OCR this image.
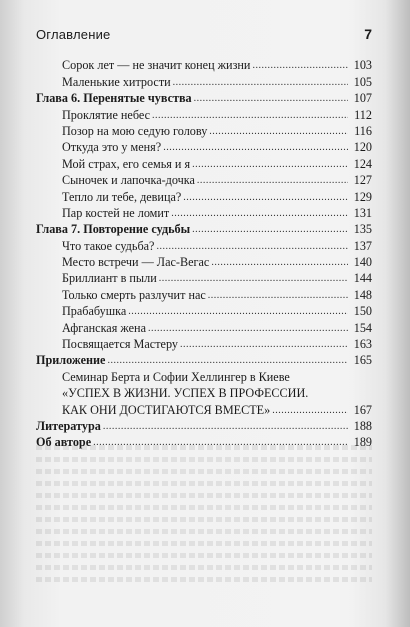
Оглавление	7
Сорок лет — не значит конец жизни . . .	103
Маленькие хитрости . . .	105
Глава 6. Перенятые чувства . . .	107
Проклятие небес . . .	112
Позор на мою седую голову . . .	116
Откуда это у меня? . . .	120
Мой страх, его семья и я . . .	124
Сыночек и лапочка-дочка . . .	127
Тепло ли тебе, девица? . . .	129
Пар костей не ломит . . .	131
Глава 7. Повторение судьбы . . .	135
Что такое судьба? . . .	137
Место встречи — Лас-Вегас . . .	140
Бриллиант в пыли . . .	144
Только смерть разлучит нас . . .	148
Прабабушка . . .	150
Афганская жена . . .	154
Посвящается Мастеру . . .	163
Приложение . . .	165
Семинар Берта и Софии Хеллингер в Киеве
«УСПЕХ В ЖИЗНИ. УСПЕХ В ПРОФЕССИИ.
КАК ОНИ ДОСТИГАЮТСЯ ВМЕСТЕ» . . .	167
Литература . . .	188
Об авторе . . .	189
